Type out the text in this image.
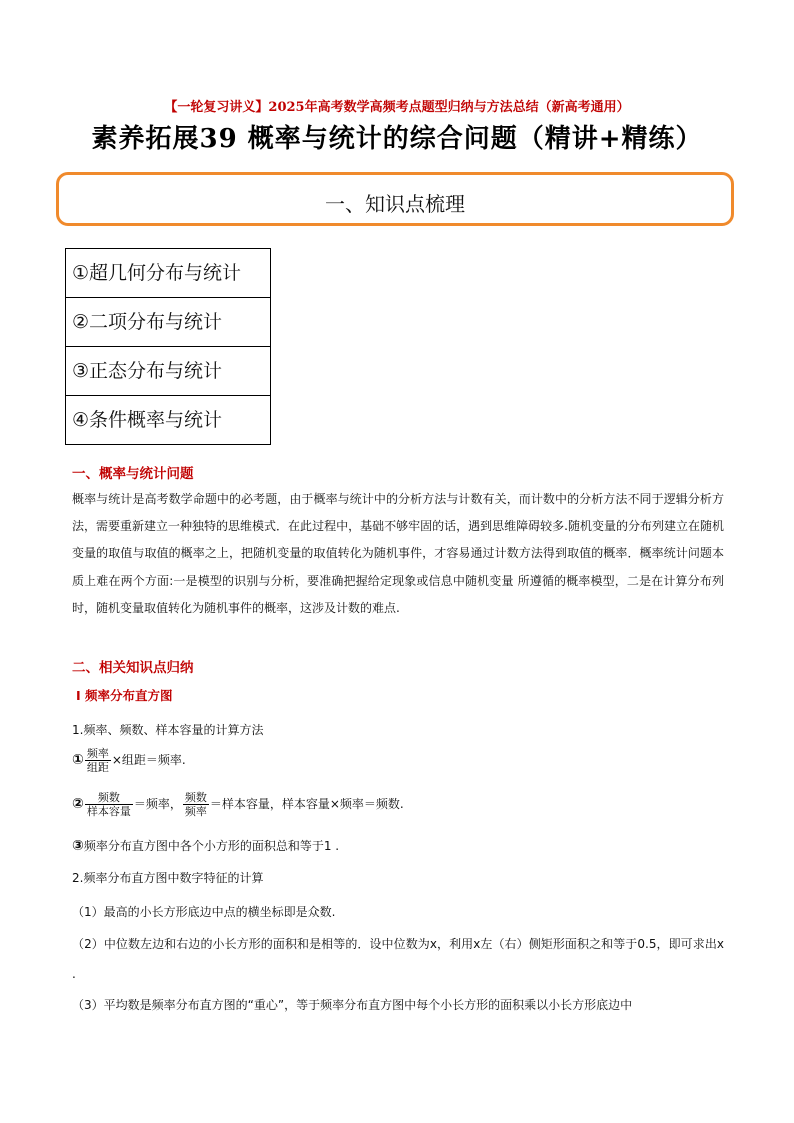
【一轮复习讲义】2025年高考数学高频考点题型归纳与方法总结（新高考通用）
素养拓展39 概率与统计的综合问题（精讲+精练）
一、知识点梳理
①超几何分布与统计
②二项分布与统计
③正态分布与统计
④条件概率与统计
一、概率与统计问题
概率与统计是高考数学命题中的必考题，由于概率与统计中的分析方法与计数有关，而计数中的分析方法不同于逻辑分析方法，需要重新建立一种独特的思维模式．在此过程中，基础不够牢固的话，遇到思维障碍较多.随机变量的分布列建立在随机变量的取值与取值的概率之上，把随机变量的取值转化为随机事件，才容易通过计数方法得到取值的概率．概率统计问题本质上难在两个方面:一是模型的识别与分析，要准确把握给定现象或信息中随机变量 所遵循的概率模型，二是在计算分布列时，随机变量取值转化为随机事件的概率，这涉及计数的难点.
二、相关知识点归纳
Ⅰ 频率分布直方图
1.频率、频数、样本容量的计算方法
① $\frac{\text{频率}}{\text{组距}}$ ×组距＝频率.
② $\frac{\text{频数}}{\text{样本容量}}$ ＝频率， $\frac{\text{频数}}{\text{频率}}$ ＝样本容量，样本容量×频率＝频数.
③频率分布直方图中各个小方形的面积总和等于1 .
2.频率分布直方图中数字特征的计算
（1）最高的小长方形底边中点的横坐标即是众数.
（2）中位数左边和右边的小长方形的面积和是相等的．设中位数为x，利用x左（右）侧矩形面积之和等于0.5，即可求出x .
（3）平均数是频率分布直方图的“重心”，等于频率分布直方图中每个小长方形的面积乘以小长方形底边中
